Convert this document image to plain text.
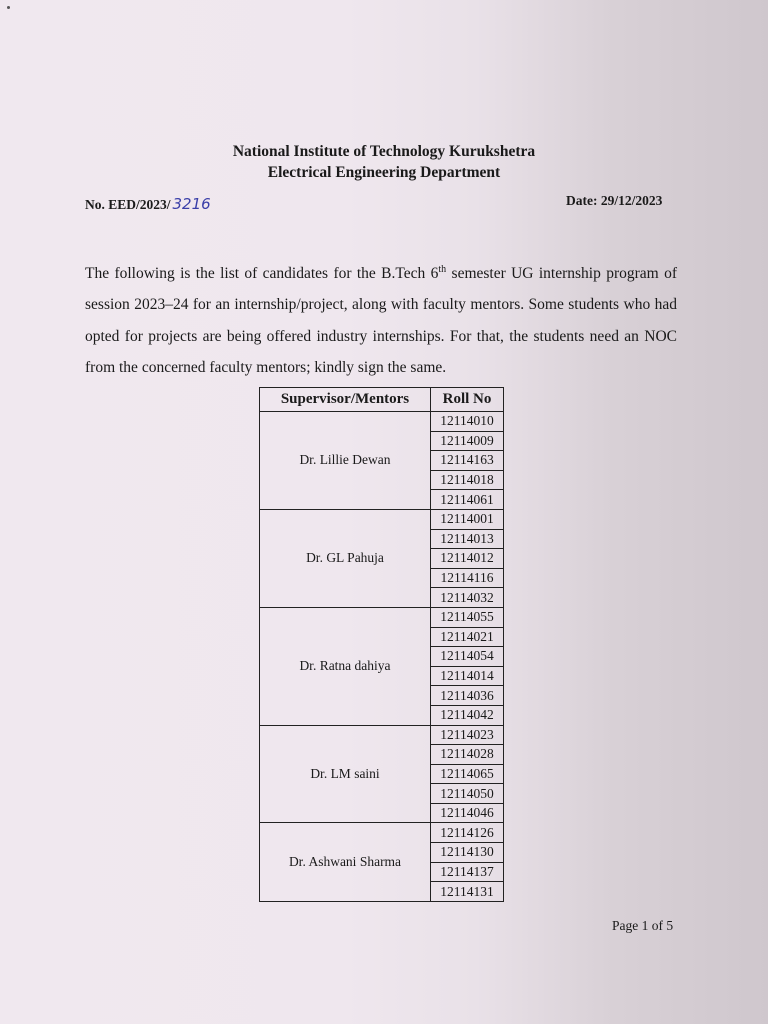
National Institute of Technology Kurukshetra
Electrical Engineering Department
No. EED/2023/ 3216	Date: 29/12/2023

The following is the list of candidates for the B.Tech 6th semester UG internship program of session 2023–24 for an internship/project, along with faculty mentors. Some students who had opted for projects are being offered industry internships. For that, the students need an NOC from the concerned faculty mentors; kindly sign the same.

Supervisor/Mentors	Roll No
Dr. Lillie Dewan	12114010
	12114009
	12114163
	12114018
	12114061
Dr. GL Pahuja	12114001
	12114013
	12114012
	12114116
	12114032
Dr. Ratna dahiya	12114055
	12114021
	12114054
	12114014
	12114036
	12114042
Dr. LM saini	12114023
	12114028
	12114065
	12114050
	12114046
Dr. Ashwani Sharma	12114126
	12114130
	12114137
	12114131
Page 1 of 5
